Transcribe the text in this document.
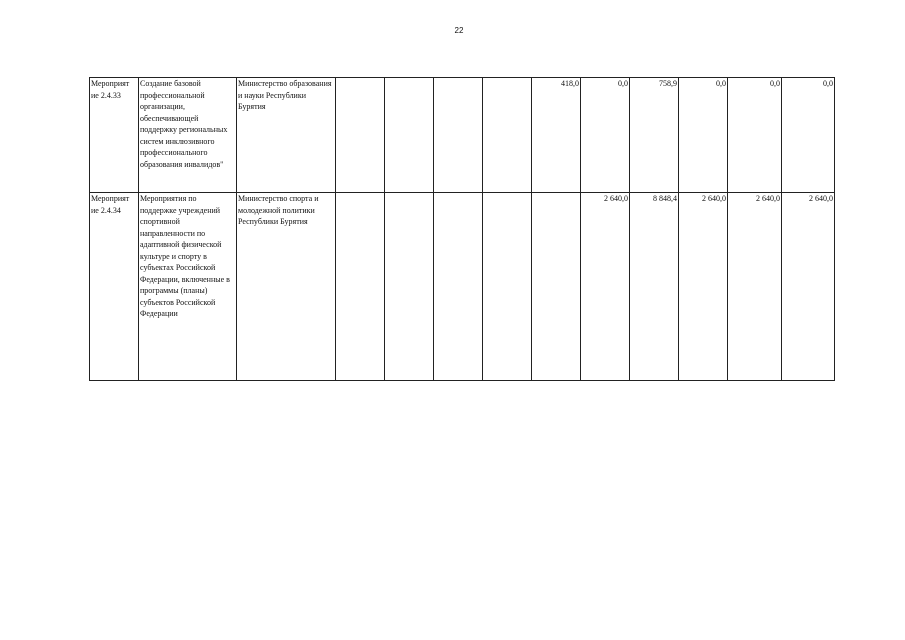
22
Мероприят ие 2.4.33	Создание базовой профессиональной организации, обеспечивающей поддержку региональных систем инклюзивного профессионального образования инвалидов"	Министерство образования и науки Республики Бурятия					418,0	0,0	758,9	0,0	0,0	0,0
Мероприят ие 2.4.34	Мероприятия по поддержке учреждений спортивной направленности по адаптивной физической культуре и спорту в субъектах Российской Федерации, включенные в программы (планы) субъектов Российской Федерации	Министерство спорта и молодежной политики Республики Бурятия						2 640,0	8 848,4	2 640,0	2 640,0	2 640,0
